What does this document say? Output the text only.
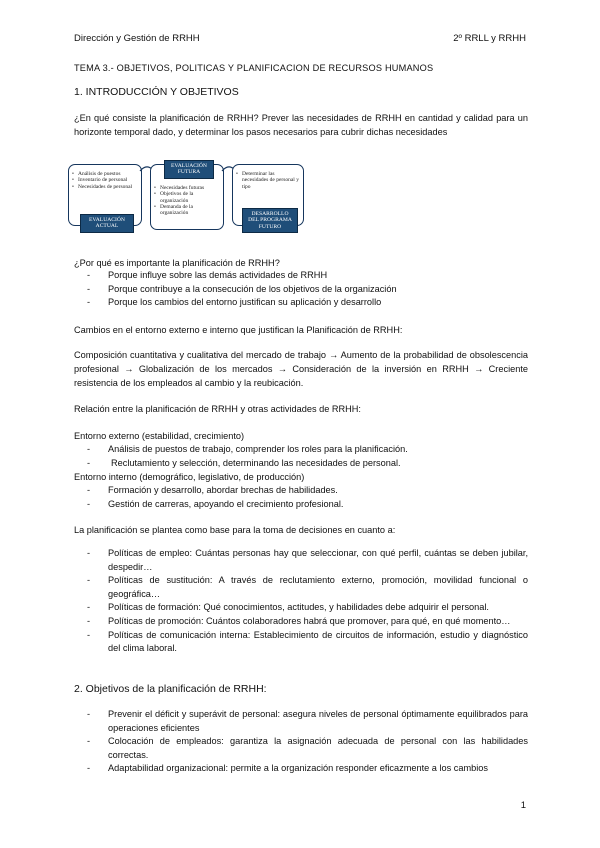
Dirección y Gestión de RRHH	2º RRLL y RRHH
TEMA 3.- OBJETIVOS, POLITICAS Y PLANIFICACION DE RECURSOS HUMANOS
1. INTRODUCCIÓN Y OBJETIVOS
¿En qué consiste la planificación de RRHH? Prever las necesidades de RRHH en cantidad y calidad para un horizonte temporal dado, y determinar los pasos necesarios para cubrir dichas necesidades
• Análisis de puestos
• Inventario de personal
• Necesidades de personal
EVALUACIÓN ACTUAL
• Necesidades futuras
• Objetivos de la organización
• Demanda de la organización
EVALUACIÓN FUTURA
•	Determinar las necesidades de personal y tipo
DESARROLLO DEL PROGRAMA FUTURO
¿Por qué es importante la planificación de RRHH?
- Porque influye sobre las demás actividades de RRHH
- Porque contribuye a la consecución de los objetivos de la organización
- Porque los cambios del entorno justifican su aplicación y desarrollo
Cambios en el entorno externo e interno que justifican la Planificación de RRHH:
Composición cuantitativa y cualitativa del mercado de trabajo → Aumento de la probabilidad de obsolescencia profesional → Globalización de los mercados → Consideración de la inversión en RRHH → Creciente resistencia de los empleados al cambio y la reubicación.
Relación entre la planificación de RRHH y otras actividades de RRHH:
Entorno externo (estabilidad, crecimiento)
- Análisis de puestos de trabajo, comprender los roles para la planificación.
- Reclutamiento y selección, determinando las necesidades de personal.
Entorno interno (demográfico, legislativo, de producción)
- Formación y desarrollo, abordar brechas de habilidades.
- Gestión de carreras, apoyando el crecimiento profesional.
La planificación se plantea como base para la toma de decisiones en cuanto a:
- Políticas de empleo: Cuántas personas hay que seleccionar, con qué perfil, cuántas se deben jubilar, despedir…
- Políticas de sustitución: A través de reclutamiento externo, promoción, movilidad funcional o geográfica…
- Políticas de formación: Qué conocimientos, actitudes, y habilidades debe adquirir el personal.
- Políticas de promoción: Cuántos colaboradores habrá que promover, para qué, en qué momento…
- Políticas de comunicación interna: Establecimiento de circuitos de información, estudio y diagnóstico del clima laboral.
2. Objetivos de la planificación de RRHH:
- Prevenir el déficit y superávit de personal: asegura niveles de personal óptimamente equilibrados para operaciones eficientes
- Colocación de empleados: garantiza la asignación adecuada de personal con las habilidades correctas.
- Adaptabilidad organizacional: permite a la organización responder eficazmente a los cambios
1
